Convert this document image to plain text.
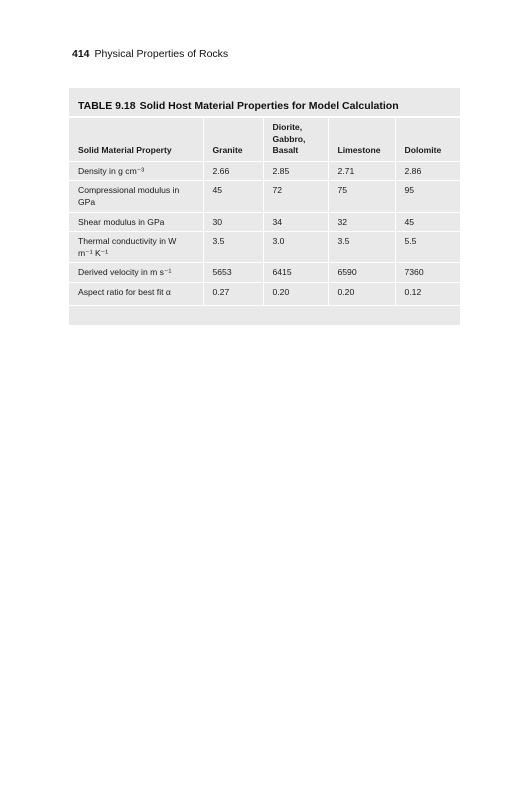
414 Physical Properties of Rocks
TABLE 9.18 Solid Host Material Properties for Model Calculation
Solid Material Property	Granite	Diorite, Gabbro, Basalt	Limestone	Dolomite
Density in g cm⁻³	2.66	2.85	2.71	2.86
Compressional modulus in GPa	45	72	75	95
Shear modulus in GPa	30	34	32	45
Thermal conductivity in W m⁻¹ K⁻¹	3.5	3.0	3.5	5.5
Derived velocity in m s⁻¹	5653	6415	6590	7360
Aspect ratio for best fit α	0.27	0.20	0.20	0.12
